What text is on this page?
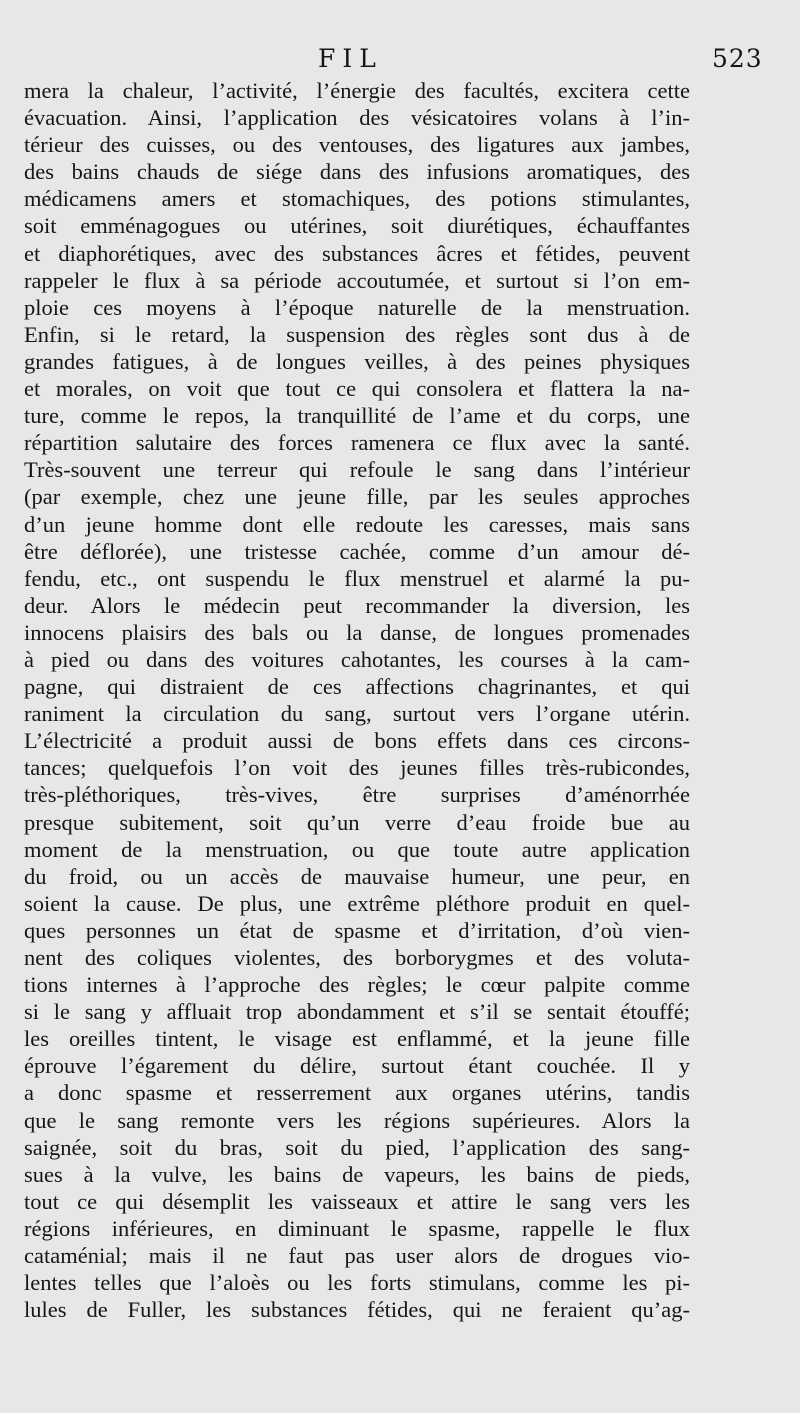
FIL	523
mera la chaleur, l’activité, l’énergie des facultés, excitera cette
évacuation. Ainsi, l’application des vésicatoires volans à l’in-
térieur des cuisses, ou des ventouses, des ligatures aux jambes,
des bains chauds de siége dans des infusions aromatiques, des
médicamens amers et stomachiques, des potions stimulantes,
soit emménagogues ou utérines, soit diurétiques, échauffantes
et diaphorétiques, avec des substances âcres et fétides, peuvent
rappeler le flux à sa période accoutumée, et surtout si l’on em-
ploie ces moyens à l’époque naturelle de la menstruation.
Enfin, si le retard, la suspension des règles sont dus à de
grandes fatigues, à de longues veilles, à des peines physiques
et morales, on voit que tout ce qui consolera et flattera la na-
ture, comme le repos, la tranquillité de l’ame et du corps, une
répartition salutaire des forces ramenera ce flux avec la santé.
Très-souvent une terreur qui refoule le sang dans l’intérieur
(par exemple, chez une jeune fille, par les seules approches
d’un jeune homme dont elle redoute les caresses, mais sans
être déflorée), une tristesse cachée, comme d’un amour dé-
fendu, etc., ont suspendu le flux menstruel et alarmé la pu-
deur. Alors le médecin peut recommander la diversion, les
innocens plaisirs des bals ou la danse, de longues promenades
à pied ou dans des voitures cahotantes, les courses à la cam-
pagne, qui distraient de ces affections chagrinantes, et qui
raniment la circulation du sang, surtout vers l’organe utérin.
L’électricité a produit aussi de bons effets dans ces circons-
tances; quelquefois l’on voit des jeunes filles très-rubicondes,
très-pléthoriques, très-vives, être surprises d’aménorrhée
presque subitement, soit qu’un verre d’eau froide bue au
moment de la menstruation, ou que toute autre application
du froid, ou un accès de mauvaise humeur, une peur, en
soient la cause. De plus, une extrême pléthore produit en quel-
ques personnes un état de spasme et d’irritation, d’où vien-
nent des coliques violentes, des borborygmes et des voluta-
tions internes à l’approche des règles; le cœur palpite comme
si le sang y affluait trop abondamment et s’il se sentait étouffé;
les oreilles tintent, le visage est enflammé, et la jeune fille
éprouve l’égarement du délire, surtout étant couchée. Il y
a donc spasme et resserrement aux organes utérins, tandis
que le sang remonte vers les régions supérieures. Alors la
saignée, soit du bras, soit du pied, l’application des sang-
sues à la vulve, les bains de vapeurs, les bains de pieds,
tout ce qui désemplit les vaisseaux et attire le sang vers les
régions inférieures, en diminuant le spasme, rappelle le flux
cataménial; mais il ne faut pas user alors de drogues vio-
lentes telles que l’aloès ou les forts stimulans, comme les pi-
lules de Fuller, les substances fétides, qui ne feraient qu’ag-
